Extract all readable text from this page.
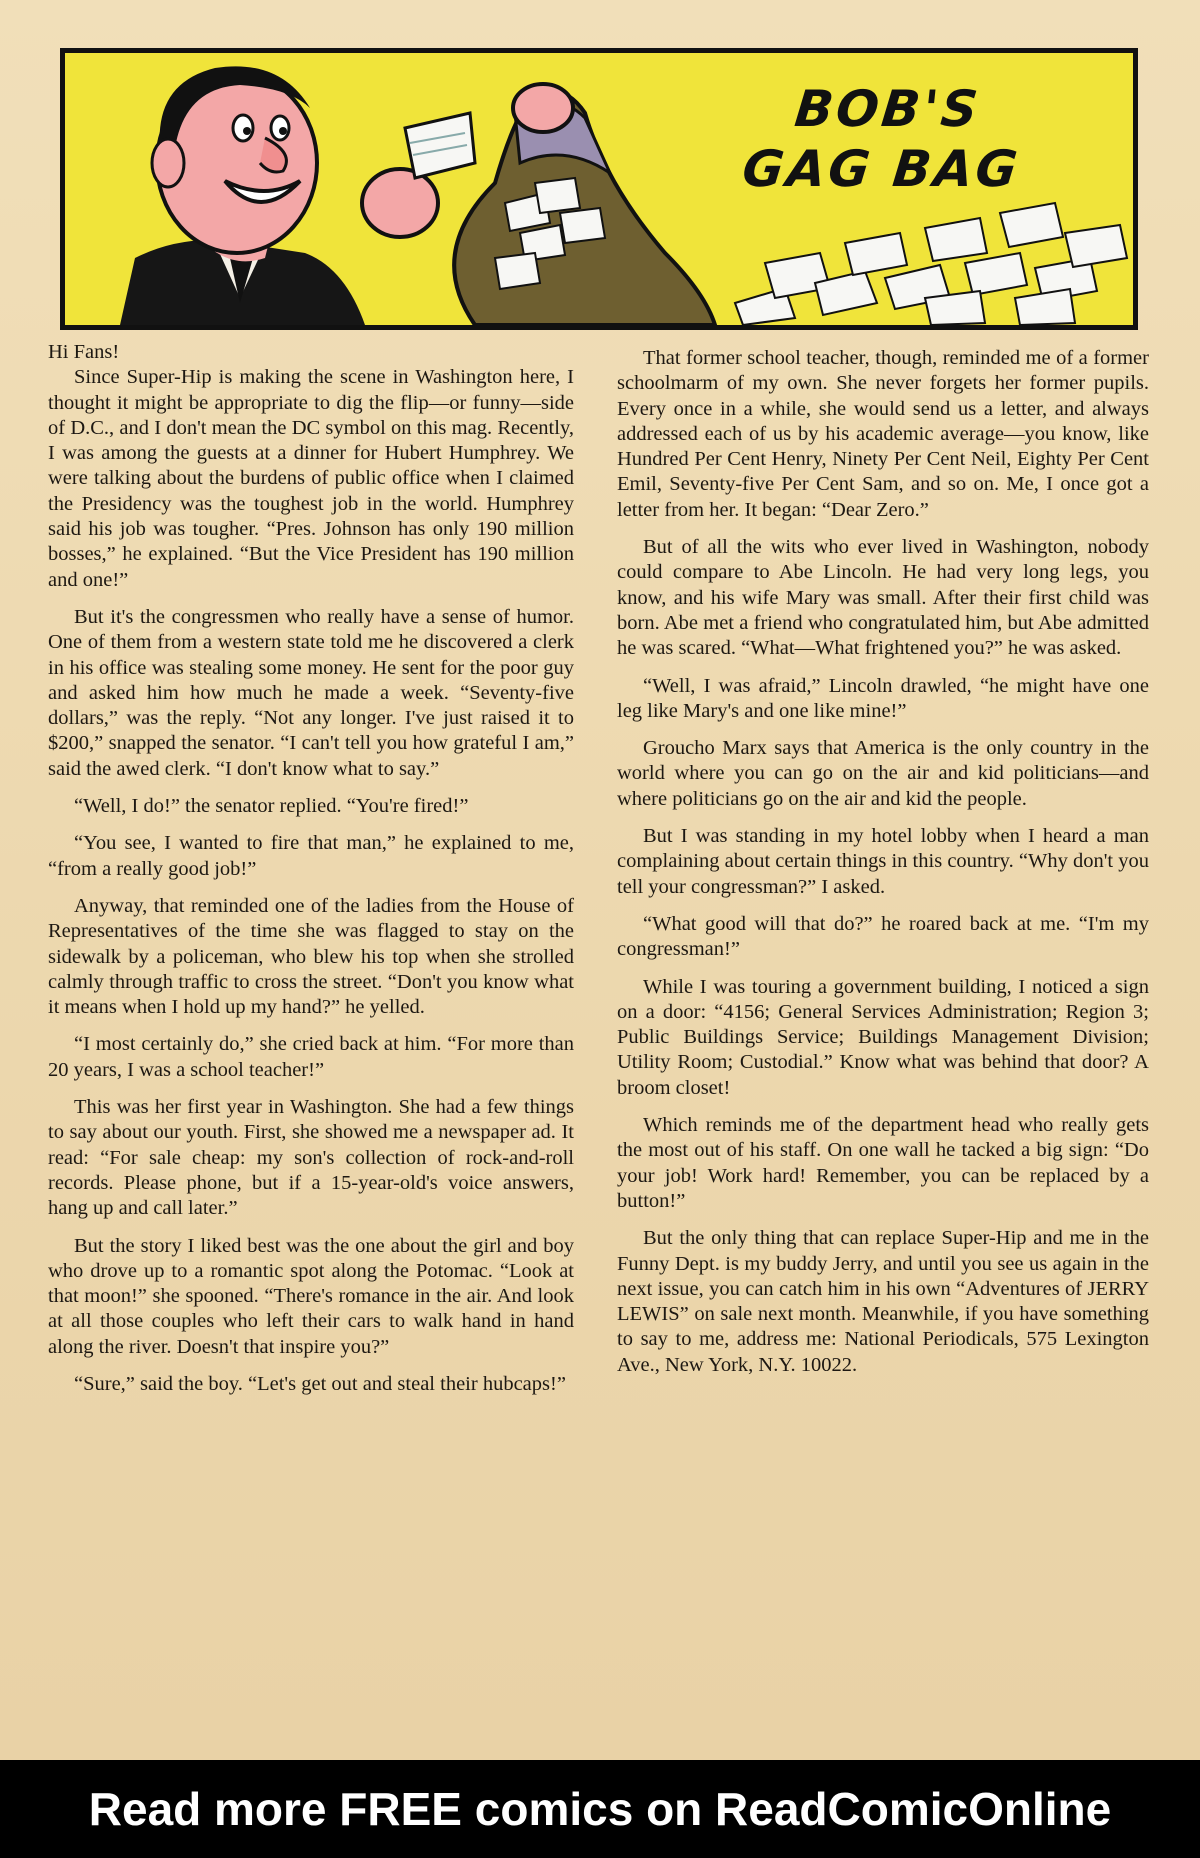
BOB'S
GAG BAG

Hi Fans!

Since Super-Hip is making the scene in Washington here, I thought it might be appropriate to dig the flip—or funny—side of D.C., and I don't mean the DC symbol on this mag. Recently, I was among the guests at a dinner for Hubert Humphrey. We were talking about the burdens of public office when I claimed the Presidency was the toughest job in the world. Humphrey said his job was tougher. “Pres. Johnson has only 190 million bosses,” he explained. “But the Vice President has 190 million and one!”

But it's the congressmen who really have a sense of humor. One of them from a western state told me he discovered a clerk in his office was stealing some money. He sent for the poor guy and asked him how much he made a week. “Seventy-five dollars,” was the reply. “Not any longer. I've just raised it to $200,” snapped the senator. “I can't tell you how grateful I am,” said the awed clerk. “I don't know what to say.”

“Well, I do!” the senator replied. “You're fired!”

“You see, I wanted to fire that man,” he explained to me, “from a really good job!”

Anyway, that reminded one of the ladies from the House of Representatives of the time she was flagged to stay on the sidewalk by a policeman, who blew his top when she strolled calmly through traffic to cross the street. “Don't you know what it means when I hold up my hand?” he yelled.

“I most certainly do,” she cried back at him. “For more than 20 years, I was a school teacher!”

This was her first year in Washington. She had a few things to say about our youth. First, she showed me a newspaper ad. It read: “For sale cheap: my son's collection of rock-and-roll records. Please phone, but if a 15-year-old's voice answers, hang up and call later.”

But the story I liked best was the one about the girl and boy who drove up to a romantic spot along the Potomac. “Look at that moon!” she spooned. “There's romance in the air. And look at all those couples who left their cars to walk hand in hand along the river. Doesn't that inspire you?”

“Sure,” said the boy. “Let's get out and steal their hubcaps!”

That former school teacher, though, reminded me of a former schoolmarm of my own. She never forgets her former pupils. Every once in a while, she would send us a letter, and always addressed each of us by his academic average—you know, like Hundred Per Cent Henry, Ninety Per Cent Neil, Eighty Per Cent Emil, Seventy-five Per Cent Sam, and so on. Me, I once got a letter from her. It began: “Dear Zero.”

But of all the wits who ever lived in Washington, nobody could compare to Abe Lincoln. He had very long legs, you know, and his wife Mary was small. After their first child was born. Abe met a friend who congratulated him, but Abe admitted he was scared. “What—What frightened you?” he was asked.

“Well, I was afraid,” Lincoln drawled, “he might have one leg like Mary's and one like mine!”

Groucho Marx says that America is the only country in the world where you can go on the air and kid politicians—and where politicians go on the air and kid the people.

But I was standing in my hotel lobby when I heard a man complaining about certain things in this country. “Why don't you tell your congressman?” I asked.

“What good will that do?” he roared back at me. “I'm my congressman!”

While I was touring a government building, I noticed a sign on a door: “4156; General Services Administration; Region 3; Public Buildings Service; Buildings Management Division; Utility Room; Custodial.” Know what was behind that door? A broom closet!

Which reminds me of the department head who really gets the most out of his staff. On one wall he tacked a big sign: “Do your job! Work hard! Remember, you can be replaced by a button!”

But the only thing that can replace Super-Hip and me in the Funny Dept. is my buddy Jerry, and until you see us again in the next issue, you can catch him in his own “Adventures of JERRY LEWIS” on sale next month. Meanwhile, if you have something to say to me, address me: National Periodicals, 575 Lexington Ave., New York, N.Y. 10022.

Read more FREE comics on ReadComicOnline
